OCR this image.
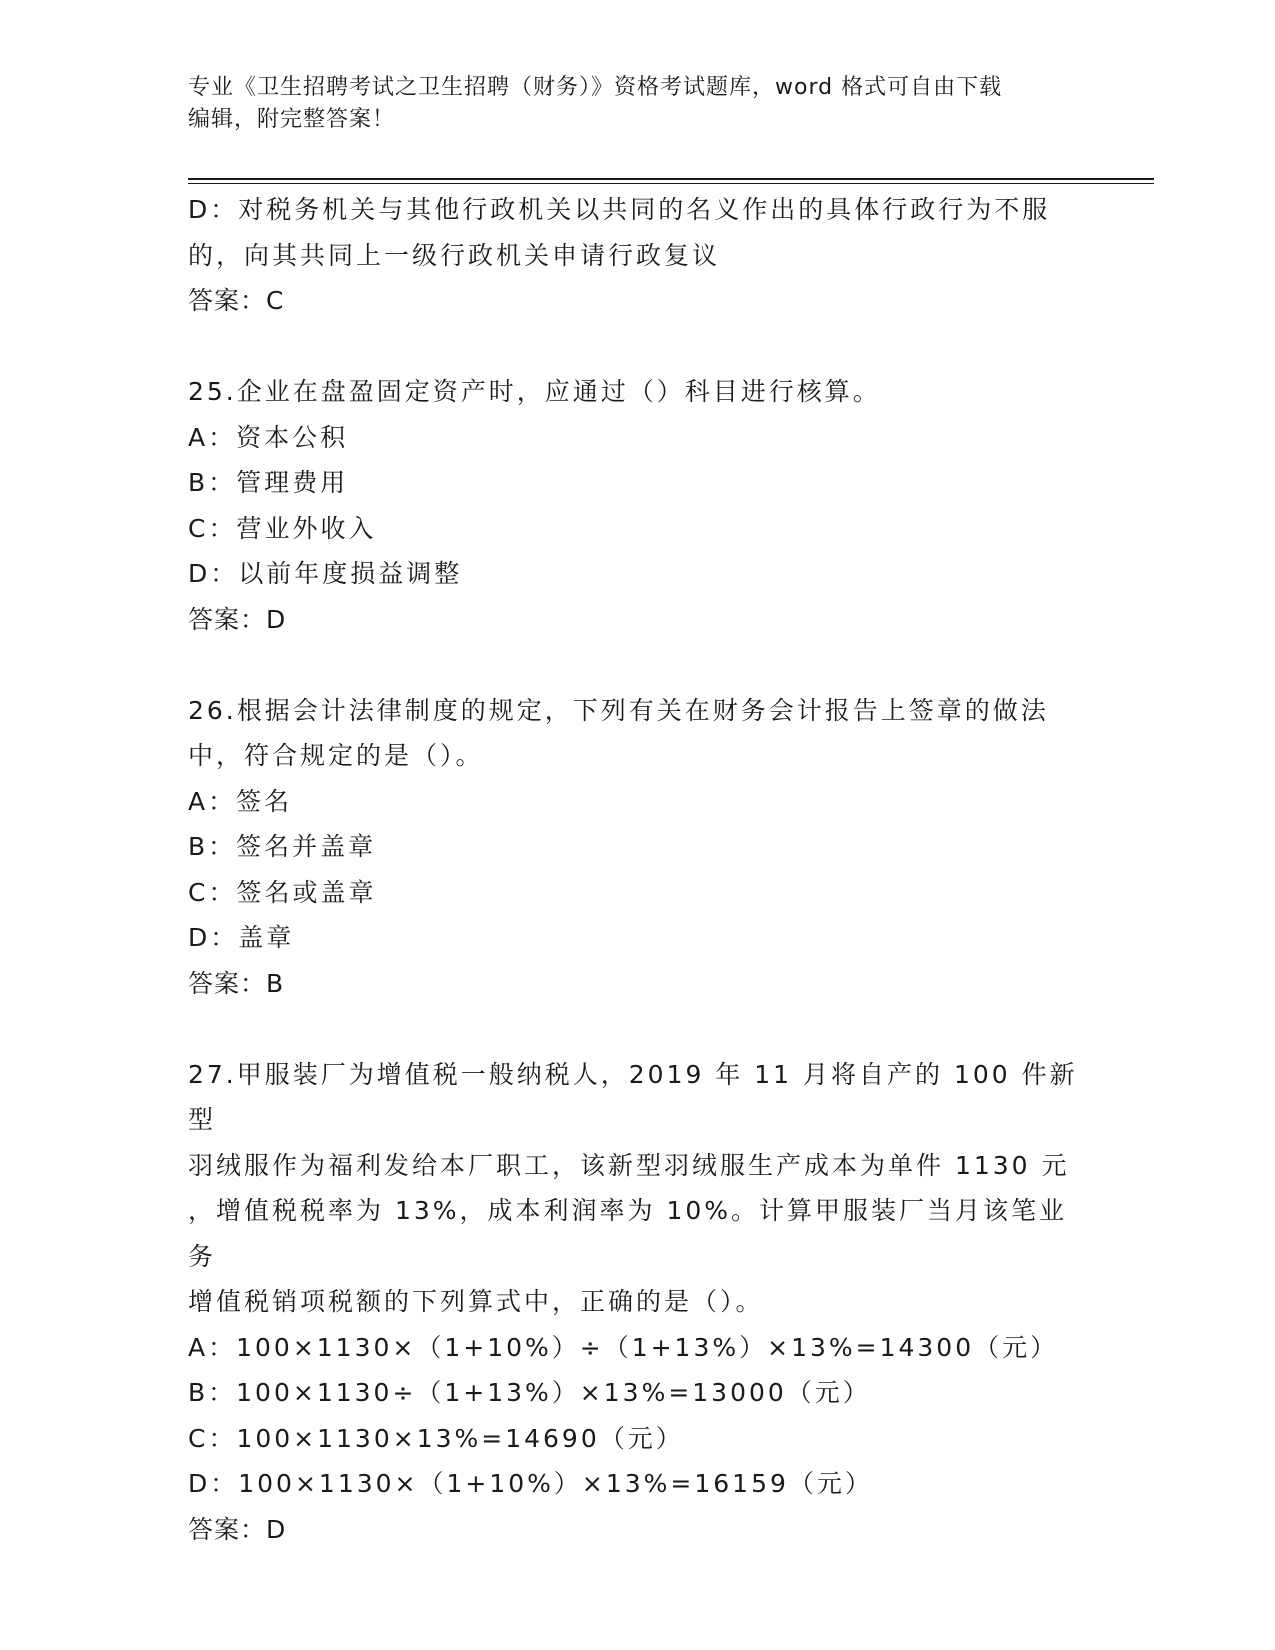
专业《卫生招聘考试之卫生招聘（财务）》资格考试题库，word 格式可自由下载
编辑，附完整答案！
D：对税务机关与其他行政机关以共同的名义作出的具体行政行为不服
的，向其共同上一级行政机关申请行政复议
答案：C
25.企业在盘盈固定资产时，应通过（）科目进行核算。
A：资本公积
B：管理费用
C：营业外收入
D：以前年度损益调整
答案：D
26.根据会计法律制度的规定，下列有关在财务会计报告上签章的做法
中，符合规定的是（）。
A：签名
B：签名并盖章
C：签名或盖章
D：盖章
答案：B
27.甲服装厂为增值税一般纳税人，2019 年 11 月将自产的 100 件新型
羽绒服作为福利发给本厂职工，该新型羽绒服生产成本为单件 1130 元
，增值税税率为 13%，成本利润率为 10%。计算甲服装厂当月该笔业务
增值税销项税额的下列算式中，正确的是（）。
A：100×1130×（1+10%）÷（1+13%）×13%=14300（元）
B：100×1130÷（1+13%）×13%=13000（元）
C：100×1130×13%=14690（元）
D：100×1130×（1+10%）×13%=16159（元）
答案：D
